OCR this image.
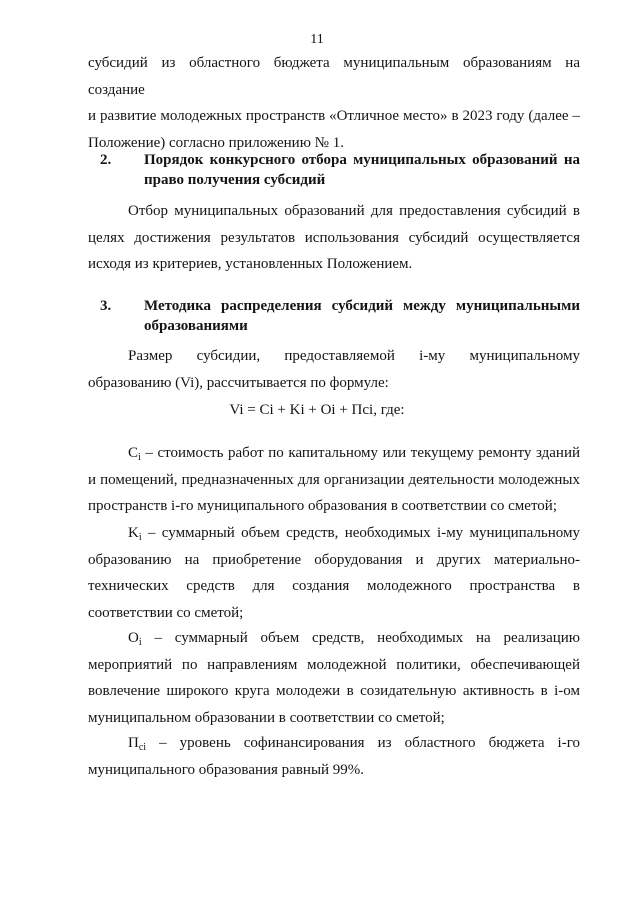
11
субсидий из областного бюджета муниципальным образованиям на создание
и развитие молодежных пространств «Отличное место» в 2023 году (далее –
Положение) согласно приложению № 1.
2.	Порядок конкурсного отбора муниципальных образований на
право получения субсидий

Отбор муниципальных образований для предоставления субсидий в целях достижения результатов использования субсидий осуществляется исходя из критериев, установленных Положением.

3.	Методика распределения субсидий между муниципальными
образованиями

Размер субсидии, предоставляемой i-му муниципальному образованию (Vi), рассчитывается по формуле:

Vi = Ci + Ki + Oi + Пci, где:

$C_i$ – стоимость работ по капитальному или текущему ремонту зданий и помещений, предназначенных для организации деятельности молодежных пространств i-го муниципального образования в соответствии со сметой;

$K_i$ – суммарный объем средств, необходимых i-му муниципальному образованию на приобретение оборудования и других материально-технических средств для создания молодежного пространства в соответствии со сметой;

$O_i$ – суммарный объем средств, необходимых на реализацию мероприятий по направлениям молодежной политики, обеспечивающей вовлечение широкого круга молодежи в созидательную активность в i-ом муниципальном образовании в соответствии со сметой;

$П_{ci}$ – уровень софинансирования из областного бюджета i-го муниципального образования равный 99%.
